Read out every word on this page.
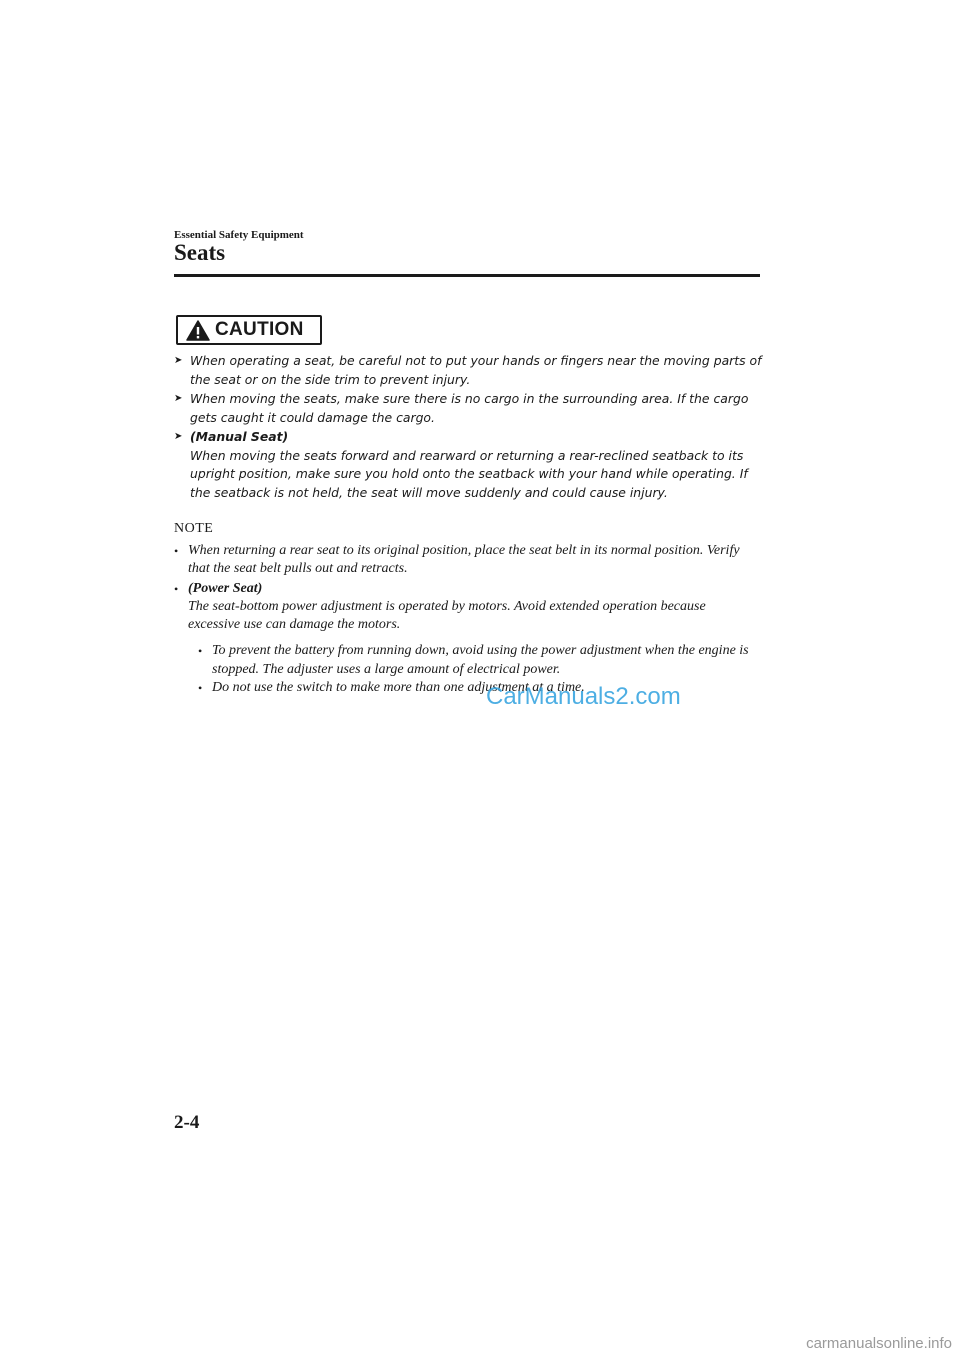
Essential Safety Equipment
Seats
CAUTION
➤ When operating a seat, be careful not to put your hands or fingers near the moving parts of the seat or on the side trim to prevent injury.
➤ When moving the seats, make sure there is no cargo in the surrounding area. If the cargo gets caught it could damage the cargo.
➤ (Manual Seat)
When moving the seats forward and rearward or returning a rear-reclined seatback to its upright position, make sure you hold onto the seatback with your hand while operating. If the seatback is not held, the seat will move suddenly and could cause injury.
NOTE
• When returning a rear seat to its original position, place the seat belt in its normal position. Verify that the seat belt pulls out and retracts.
• (Power Seat)
The seat-bottom power adjustment is operated by motors. Avoid extended operation because excessive use can damage the motors.
• To prevent the battery from running down, avoid using the power adjustment when the engine is stopped. The adjuster uses a large amount of electrical power.
• Do not use the switch to make more than one adjustment at a time.
CarManuals2.com
2-4
carmanualsonline.info
